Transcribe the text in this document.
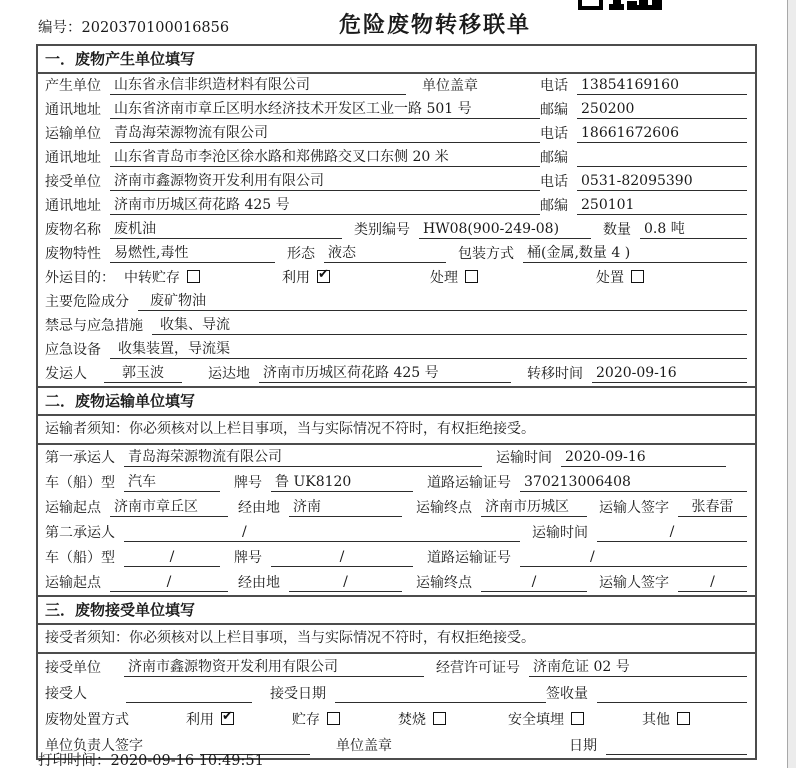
编号：2020370100016856	危险废物转移联单
一．废物产生单位填写
产生单位 山东省永信非织造材料有限公司	单位盖章	电话 13854169160
通讯地址 山东省济南市章丘区明水经济技术开发区工业一路 501 号	邮编 250200
运输单位 青岛海荣源物流有限公司	电话 18661672606
通讯地址 山东省青岛市李沧区徐水路和郑佛路交叉口东侧 20 米	邮编
接受单位 济南市鑫源物资开发利用有限公司	电话 0531-82095390
通讯地址 济南市历城区荷花路 425 号	邮编 250101
废物名称 废机油	类别编号 HW08(900-249-08)	数量 0.8 吨
废物特性 易燃性,毒性	形态 液态	包装方式 桶(金属,数量 4 )
外运目的： 中转贮存	利用 ✔	处理	处置
主要危险成分	废矿物油
禁忌与应急措施	收集、导流
应急设备	收集装置，导流渠
发运人	郭玉波	运达地 济南市历城区荷花路 425 号	转移时间 2020-09-16
二．废物运输单位填写
运输者须知：你必须核对以上栏目事项，当与实际情况不符时，有权拒绝接受。
第一承运人 青岛海荣源物流有限公司	运输时间 2020-09-16
车（船）型 汽车	牌号 鲁 UK8120	道路运输证号 370213006408
运输起点 济南市章丘区	经由地 济南	运输终点 济南市历城区	运输人签字	张春雷
第二承运人	/	运输时间	/
车（船）型	/	牌号	/	道路运输证号	/
运输起点	/	经由地	/	运输终点	/	运输人签字	/
三．废物接受单位填写
接受者须知：你必须核对以上栏目事项，当与实际情况不符时，有权拒绝接受。
接受单位 济南市鑫源物资开发利用有限公司	经营许可证号 济南危证 02 号
接受人	接受日期	签收量
废物处置方式	利用 ✔	贮存	焚烧	安全填埋	其他
单位负责人签字	单位盖章	日期
打印时间：2020-09-16 10:49:51
